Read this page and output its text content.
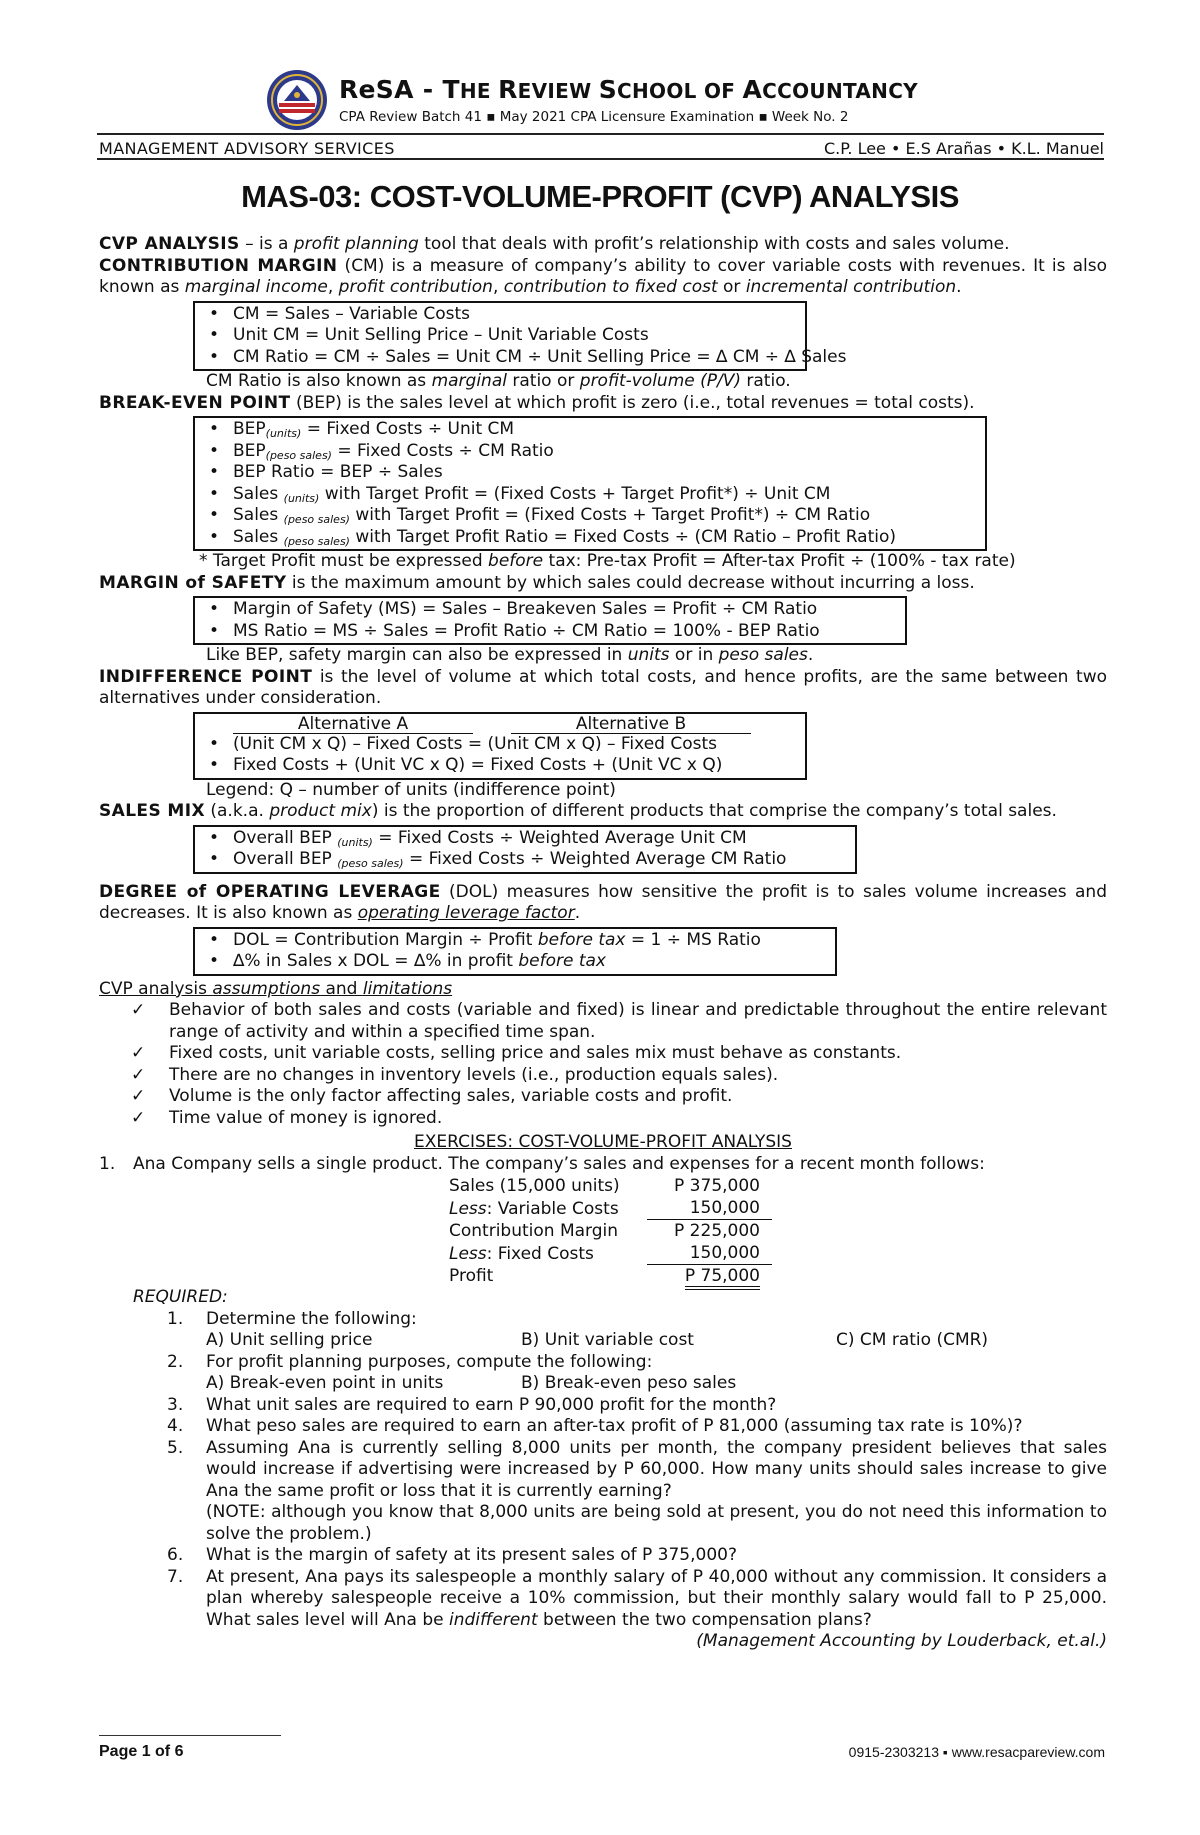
ReSA - THE REVIEW SCHOOL OF ACCOUNTANCY
CPA Review Batch 41 ▪ May 2021 CPA Licensure Examination ▪ Week No. 2
MANAGEMENT ADVISORY SERVICES	C.P. Lee • E.S Arañas • K.L. Manuel
MAS-03: COST-VOLUME-PROFIT (CVP) ANALYSIS

CVP ANALYSIS – is a profit planning tool that deals with profit’s relationship with costs and sales volume.

CONTRIBUTION MARGIN (CM) is a measure of company’s ability to cover variable costs with revenues. It is also known as marginal income, profit contribution, contribution to fixed cost or incremental contribution.

• CM = Sales – Variable Costs
• Unit CM = Unit Selling Price – Unit Variable Costs
• CM Ratio = CM ÷ Sales = Unit CM ÷ Unit Selling Price = ∆ CM ÷ ∆ Sales

CM Ratio is also known as marginal ratio or profit-volume (P/V) ratio.

BREAK-EVEN POINT (BEP) is the sales level at which profit is zero (i.e., total revenues = total costs).

• $BEP_{(units)}$ = Fixed Costs ÷ Unit CM
• $BEP_{(peso sales)}$ = Fixed Costs ÷ CM Ratio
• BEP Ratio = BEP ÷ Sales
• Sales $_{(units)}$ with Target Profit = (Fixed Costs + Target Profit*) ÷ Unit CM
• Sales $_{(peso sales)}$ with Target Profit = (Fixed Costs + Target Profit*) ÷ CM Ratio
• Sales $_{(peso sales)}$ with Target Profit Ratio = Fixed Costs ÷ (CM Ratio – Profit Ratio)

* Target Profit must be expressed before tax: Pre-tax Profit = After-tax Profit ÷ (100% - tax rate)

MARGIN of SAFETY is the maximum amount by which sales could decrease without incurring a loss.

• Margin of Safety (MS) = Sales – Breakeven Sales = Profit ÷ CM Ratio
• MS Ratio = MS ÷ Sales = Profit Ratio ÷ CM Ratio = 100% - BEP Ratio

Like BEP, safety margin can also be expressed in units or in peso sales.

INDIFFERENCE POINT is the level of volume at which total costs, and hence profits, are the same between two alternatives under consideration.

Alternative A	Alternative B
• (Unit CM x Q) – Fixed Costs = (Unit CM x Q) – Fixed Costs
• Fixed Costs + (Unit VC x Q) = Fixed Costs + (Unit VC x Q)

Legend: Q – number of units (indifference point)

SALES MIX (a.k.a. product mix) is the proportion of different products that comprise the company’s total sales.

• Overall BEP $_{(units)}$ = Fixed Costs ÷ Weighted Average Unit CM
• Overall BEP $_{(peso sales)}$ = Fixed Costs ÷ Weighted Average CM Ratio

DEGREE of OPERATING LEVERAGE (DOL) measures how sensitive the profit is to sales volume increases and decreases. It is also known as operating leverage factor.

• DOL = Contribution Margin ÷ Profit before tax = 1 ÷ MS Ratio
• ∆% in Sales x DOL = ∆% in profit before tax

CVP analysis assumptions and limitations

✓ Behavior of both sales and costs (variable and fixed) is linear and predictable throughout the entire relevant range of activity and within a specified time span.

✓ Fixed costs, unit variable costs, selling price and sales mix must behave as constants.

✓ There are no changes in inventory levels (i.e., production equals sales).

✓ Volume is the only factor affecting sales, variable costs and profit.

✓ Time value of money is ignored.

EXERCISES: COST-VOLUME-PROFIT ANALYSIS

1. Ana Company sells a single product. The company’s sales and expenses for a recent month follows:

Sales (15,000 units)	P 375,000
Less: Variable Costs	150,000
Contribution Margin	P 225,000
Less: Fixed Costs	150,000
Profit	P 75,000

REQUIRED:

1. Determine the following:

A) Unit selling price	B) Unit variable cost	C) CM ratio (CMR)

2. For profit planning purposes, compute the following:

A) Break-even point in units	B) Break-even peso sales

3. What unit sales are required to earn P 90,000 profit for the month?

4. What peso sales are required to earn an after-tax profit of P 81,000 (assuming tax rate is 10%)?

5. Assuming Ana is currently selling 8,000 units per month, the company president believes that sales would increase if advertising were increased by P 60,000. How many units should sales increase to give Ana the same profit or loss that it is currently earning?

(NOTE: although you know that 8,000 units are being sold at present, you do not need this information to solve the problem.)

6. What is the margin of safety at its present sales of P 375,000?

7. At present, Ana pays its salespeople a monthly salary of P 40,000 without any commission. It considers a plan whereby salespeople receive a 10% commission, but their monthly salary would fall to P 25,000. What sales level will Ana be indifferent between the two compensation plans?

(Management Accounting by Louderback, et.al.)

Page 1 of 6	0915-2303213 ▪ www.resacpareview.com
